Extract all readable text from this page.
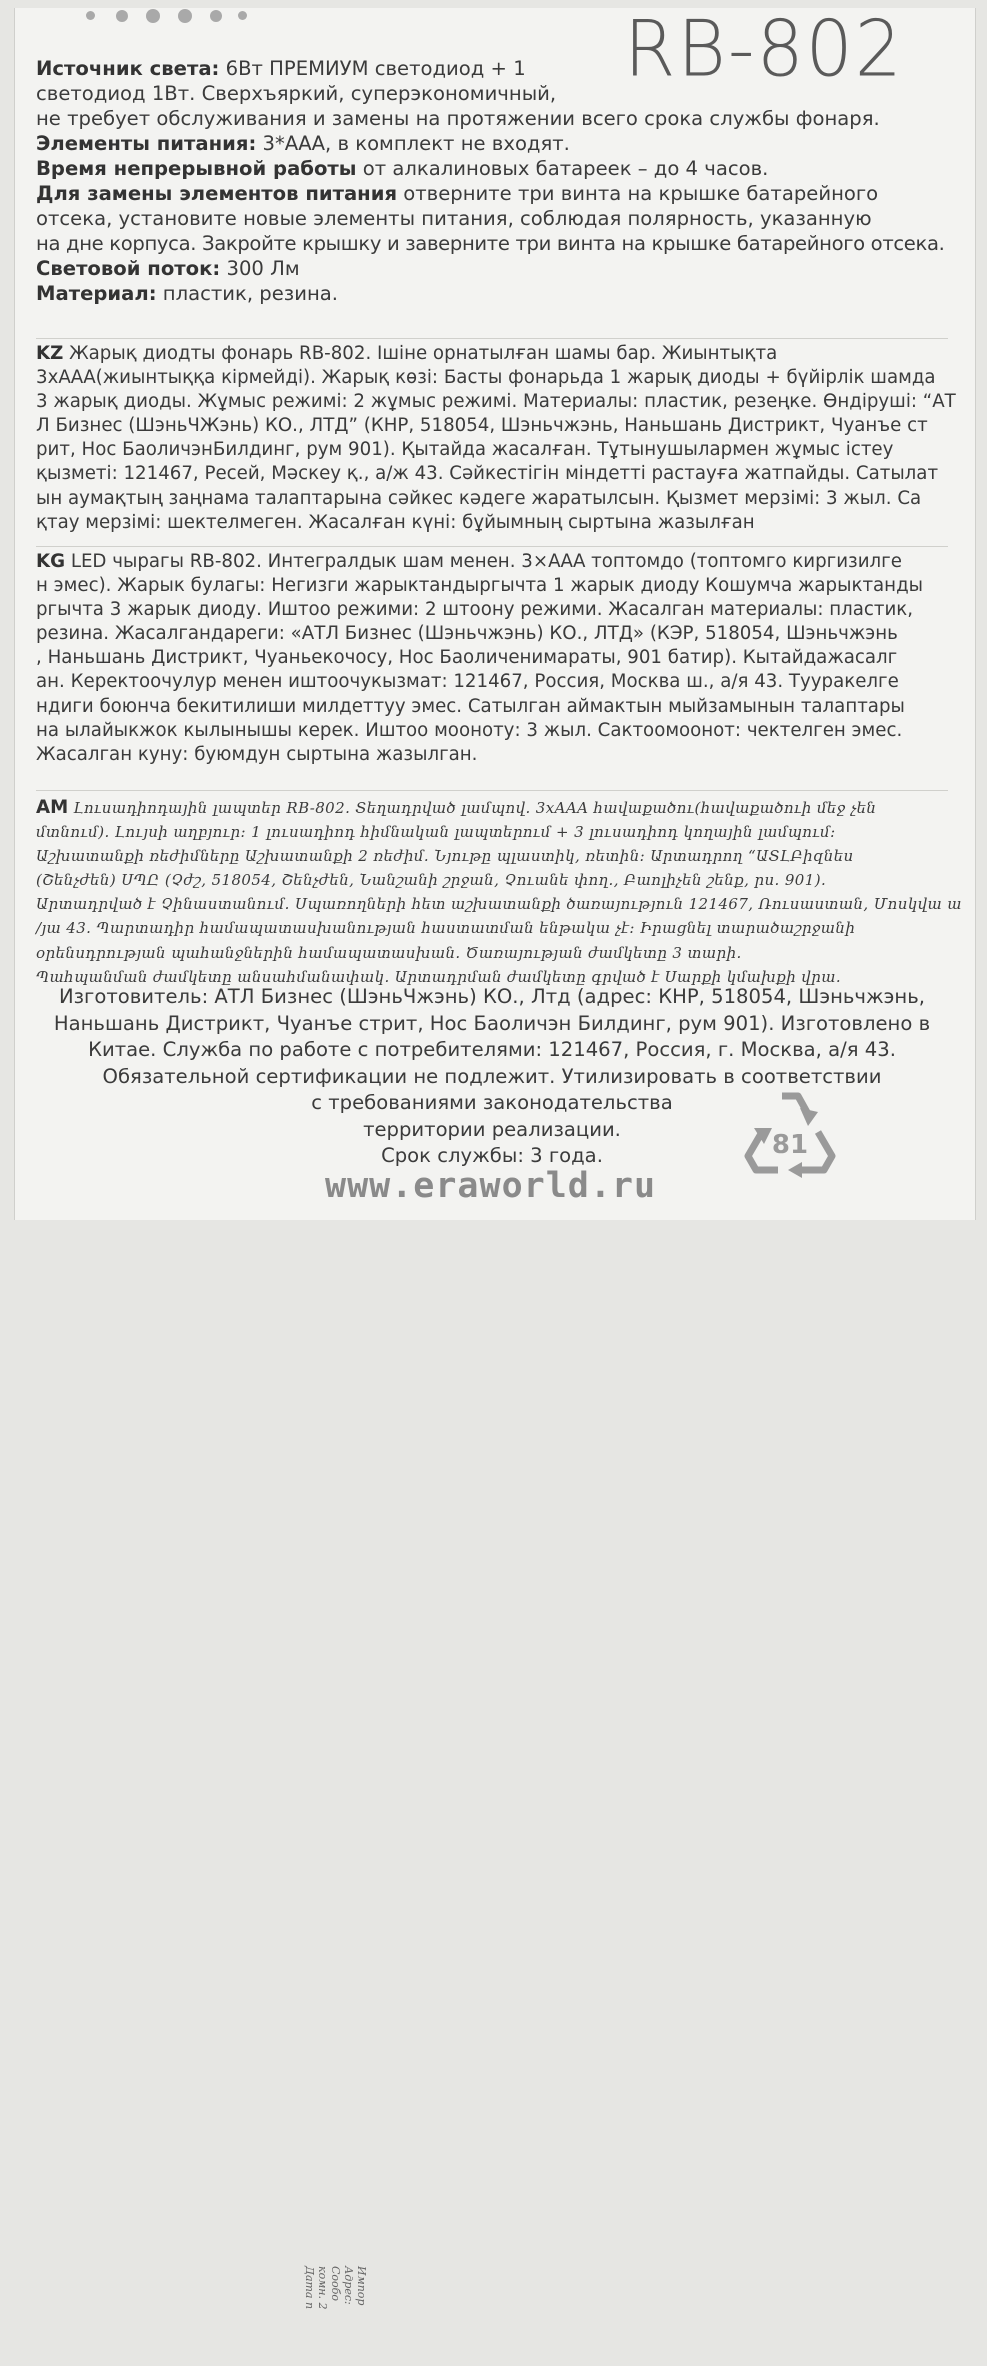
RB-802
Источник света: 6Вт ПРЕМИУМ светодиод + 1
светодиод 1Вт. Сверхъяркий, суперэкономичный,
не требует обслуживания и замены на протяжении всего срока службы фонаря.
Элементы питания: 3*ААА, в комплект не входят.
Время непрерывной работы от алкалиновых батареек – до 4 часов.
Для замены элементов питания отверните три винта на крышке батарейного
отсека, установите новые элементы питания, соблюдая полярность, указанную
на дне корпуса. Закройте крышку и заверните три винта на крышке батарейного отсека.
Световой поток: 300 Лм
Материал: пластик, резина.
KZ Жарық диодты фонарь RB-802. Ішіне орнатылған шамы бар. Жиынтықта
3хААА(жиынтыққа кірмейді). Жарық көзі: Басты фонарьда 1 жарық диоды + бүйірлік шамда
3 жарық диоды. Жұмыс режимі: 2 жұмыс режимі. Материалы: пластик, резеңке. Өндіруші: “АТ
Л Бизнес (ШэньЧЖэнь) КО., ЛТД” (КНР, 518054, Шэньчжэнь, Наньшань Дистрикт, Чуанъе ст
рит, Нос БаоличэнБилдинг, рум 901). Қытайда жасалған. Тұтынушылармен жұмыс істеу
қызметі: 121467, Ресей, Мәскеу қ., а/ж 43. Сәйкестігін міндетті растауға жатпайды. Сатылат
ын аумақтың заңнама талаптарына сәйкес кәдеге жаратылсын. Қызмет мерзімі: 3 жыл. Са
қтау мерзімі: шектелмеген. Жасалған күні: бұйымның сыртына жазылған
KG LED чырагы RB-802. Интегралдык шам менен. 3×ААА топтомдо (топтомго киргизилге
н эмес). Жарык булагы: Негизги жарыктандыргычта 1 жарык диоду Кошумча жарыктанды
ргычта 3 жарык диоду. Иштоо режими: 2 штоону режими. Жасалган материалы: пластик,
резина. Жасалгандареги: «АТЛ Бизнес (Шэньчжэнь) КО., ЛТД» (КЭР, 518054, Шэньчжэнь
, Наньшань Дистрикт, Чуаньекочосу, Нос Баоличенимараты, 901 батир). Кытайдажасалг
ан. Керектоочулур менен иштоочукызмат: 121467, Россия, Москва ш., а/я 43. Тууракелге
ндиги боюнча бекитилиши милдеттуу эмес. Сатылган аймактын мыйзамынын талаптары
на ылайыкжок кылынышы керек. Иштоо мооноту: 3 жыл. Сактоомоонот: чектелген эмес.
Жасалган куну: буюмдун сыртына жазылган.
AM Լուսադիոդային լապտեր RB-802. Տեղադրված լամպով. 3xAAA հավաքածու(հավաքածուի մեջ չեն
մտնում). Լույսի աղբյուր: 1 լուսադիոդ հիմնական լապտերում + 3 լուսադիոդ կողային լամպում:
Աշխատանքի ռեժիմները Աշխատանքի 2 ռեժիմ. Նյութը պլաստիկ, ռետին: Արտադրող “ԱՏԼԲիզնես
(Շենչժեն) ՍՊԸ (Չժշ, 518054, Շենչժեն, Նանշանի շրջան, Չուանե փող., Բաոլիչեն շենք, րս. 901).
Արտադրված է Չինաստանում. Սպառողների հետ աշխատանքի ծառայություն 121467, Ռուսաստան, Մոսկվա ա
/յա 43. Պարտադիր համապատասխանության հաստատման ենթակա չէ: Իրացնել տարածաշրջանի
օրենսդրության պահանջներին համապատասխան. Ծառայության ժամկետը 3 տարի.
Պահպանման ժամկետը անսահմանափակ. Արտադրման ժամկետը գրված է Սարքի կմախքի վրա.
Изготовитель: АТЛ Бизнес (ШэньЧжэнь) КО., Лтд (адрес: КНР, 518054, Шэньчжэнь,
Наньшань Дистрикт, Чуанъе стрит, Нос Баоличэн Билдинг, рум 901). Изготовлено в
Китае. Служба по работе с потребителями: 121467, Россия, г. Москва, а/я 43.
Обязательной сертификации не подлежит. Утилизировать в соответствии
с требованиями законодательства
территории реализации.
Срок службы: 3 года.
Импор
Адрес:
Сообо
комн. 2
Дата п
81
www.eraworld.ru
